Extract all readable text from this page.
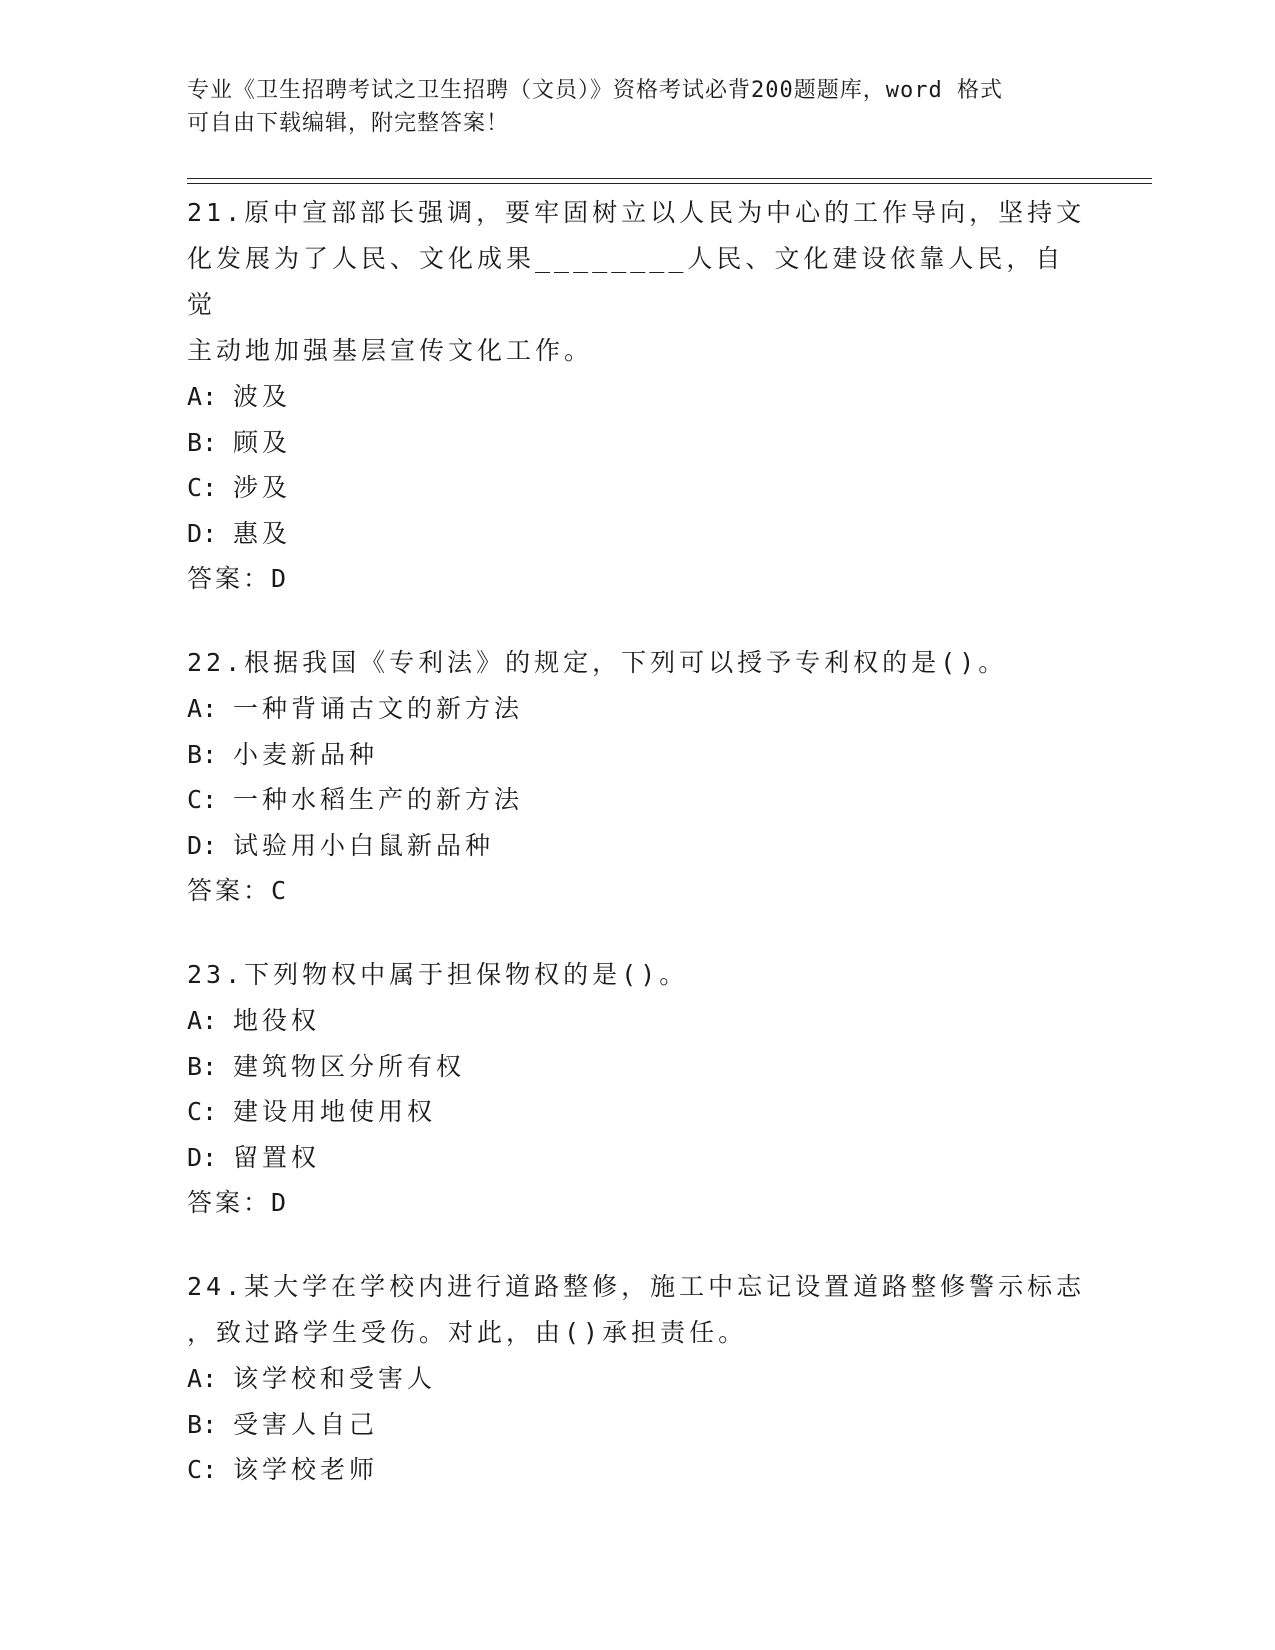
专业《卫生招聘考试之卫生招聘（文员）》资格考试必背200题题库，word 格式
可自由下载编辑，附完整答案！
21.原中宣部部长强调，要牢固树立以人民为中心的工作导向，坚持文
化发展为了人民、文化成果________人民、文化建设依靠人民，自觉
主动地加强基层宣传文化工作。
A: 波及
B: 顾及
C: 涉及
D: 惠及
答案：D
22.根据我国《专利法》的规定，下列可以授予专利权的是()。
A: 一种背诵古文的新方法
B: 小麦新品种
C: 一种水稻生产的新方法
D: 试验用小白鼠新品种
答案：C
23.下列物权中属于担保物权的是()。
A: 地役权
B: 建筑物区分所有权
C: 建设用地使用权
D: 留置权
答案：D
24.某大学在学校内进行道路整修，施工中忘记设置道路整修警示标志
，致过路学生受伤。对此，由()承担责任。
A: 该学校和受害人
B: 受害人自己
C: 该学校老师
